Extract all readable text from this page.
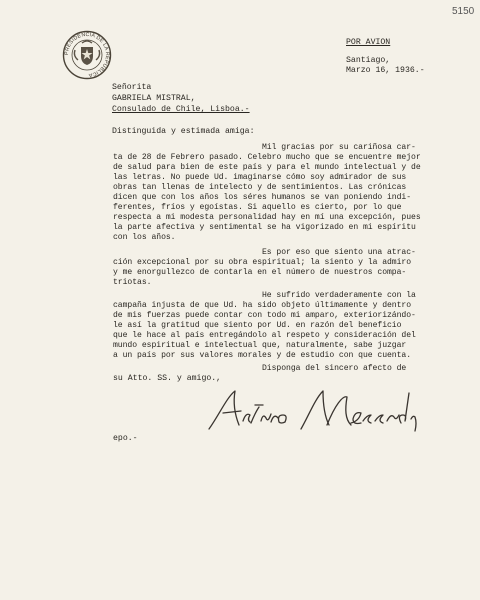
5150
PRESIDENCIA DE LA REPUBLICA
POR AVION
Santiago,
Marzo 16, 1936.-
Señorita
GABRIELA MISTRAL,
Consulado de Chile, Lisboa.-
Distinguida y estimada amiga:
Mil gracias por su cariñosa car-
ta de 28 de Febrero pasado. Celebro mucho que se encuentre mejor
de salud para bien de este país y para el mundo intelectual y de
las letras. No puede Ud. imaginarse cómo soy admirador de sus
obras tan llenas de intelecto y de sentimientos. Las crónicas
dicen que con los años los séres humanos se van poniendo indi-
ferentes, fríos y egoístas. Si aquello es cierto, por lo que
respecta a mi modesta personalidad hay en mí una excepción, pues
la parte afectiva y sentimental se ha vigorizado en mi espíritu
con los años.
Es por eso que siento una atrac-
ción excepcional por su obra espiritual; la siento y la admiro
y me enorgullezco de contarla en el número de nuestros compa-
triotas.
He sufrido verdaderamente con la
campaña injusta de que Ud. ha sido objeto últimamente y dentro
de mis fuerzas puede contar con todo mi amparo, exteriorizándo-
le así la gratitud que siento por Ud. en razón del beneficio
que le hace al país entregándolo al respeto y consideración del
mundo espiritual e intelectual que, naturalmente, sabe juzgar
a un país por sus valores morales y de estudio con que cuenta.
Disponga del sincero afecto de
su Atto. SS. y amigo.,
Arturo Alessandri
epo.-
